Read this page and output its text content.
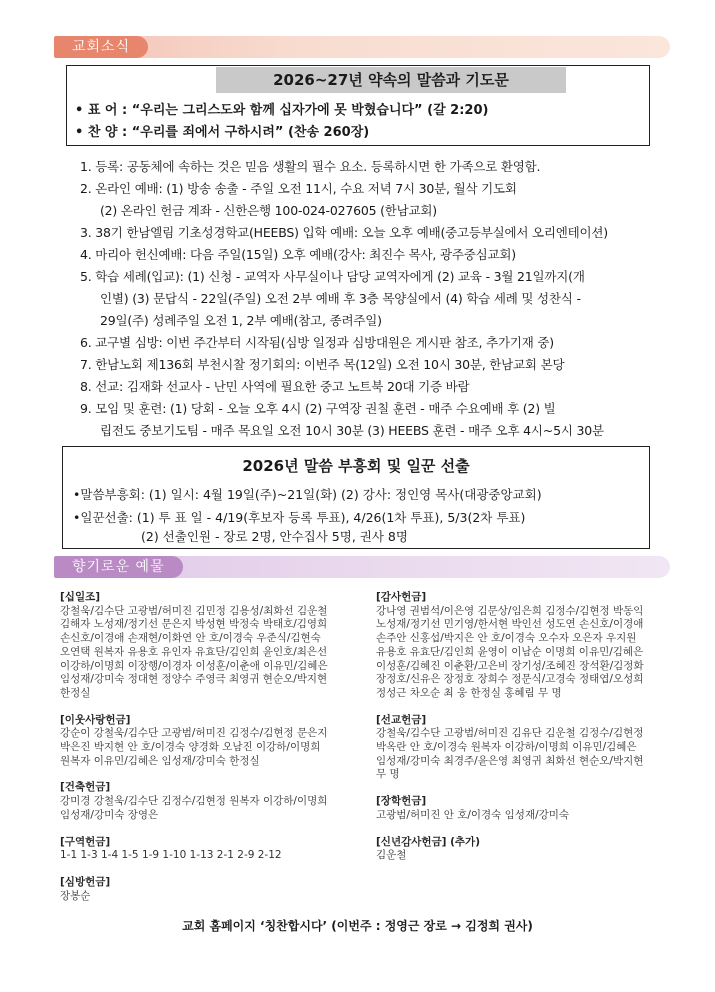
교회소식
2026~27년 약속의 말씀과 기도문
• 표 어 : “우리는 그리스도와 함께 십자가에 못 박혔습니다” (갈 2:20)
• 찬 양 : “우리를 죄에서 구하시려” (찬송 260장)
1. 등록: 공동체에 속하는 것은 믿음 생활의 필수 요소. 등록하시면 한 가족으로 환영함.
2. 온라인 예배: (1) 방송 송출 - 주일 오전 11시, 수요 저녁 7시 30분, 월삭 기도회
(2) 온라인 헌금 계좌 - 신한은행 100-024-027605 (한남교회)
3. 38기 한남엘림 기초성경학교(HEEBS) 입학 예배: 오늘 오후 예배(중고등부실에서 오리엔테이션)
4. 마리아 헌신예배: 다음 주일(15일) 오후 예배(강사: 최진수 목사, 광주중심교회)
5. 학습 세례(입교): (1) 신청 - 교역자 사무실이나 담당 교역자에게 (2) 교육 - 3월 21일까지(개
인별) (3) 문답식 - 22일(주일) 오전 2부 예배 후 3층 목양실에서 (4) 학습 세례 및 성찬식 -
29일(주) 성례주일 오전 1, 2부 예배(참고, 종려주일)
6. 교구별 심방: 이번 주간부터 시작됨(심방 일정과 심방대원은 게시판 참조, 추가기재 중)
7. 한남노회 제136회 부천시찰 정기회의: 이번주 목(12일) 오전 10시 30분, 한남교회 본당
8. 선교: 김재화 선교사 - 난민 사역에 필요한 중고 노트북 20대 기증 바람
9. 모임 및 훈련: (1) 당회 - 오늘 오후 4시 (2) 구역장 권칠 훈련 - 매주 수요예배 후 (2) 빌
립전도 중보기도팀 - 매주 목요일 오전 10시 30분 (3) HEEBS 훈련 - 매주 오후 4시~5시 30분
2026년 말씀 부흥회 및 일꾼 선출
•말씀부흥회: (1) 일시: 4월 19일(주)~21일(화) (2) 강사: 정인영 목사(대광중앙교회)
•일꾼선출: (1) 투 표 일 - 4/19(후보자 등록 투표), 4/26(1차 투표), 5/3(2차 투표)
(2) 선출인원 - 장로 2명, 안수집사 5명, 권사 8명
향기로운 예물
[십일조]
강철욱/김수단 고광범/허미진 김민정 김용성/최화선 김운철
김해자 노성재/정기선 문은지 박성현 박정숙 박태호/김영희
손신호/이경애 손재현/이화연 안 호/이경숙 우준식/김현숙
오연택 원복자 유용호 유인자 유효단/김인희 윤인호/최은선
이강하/이명희 이장행/이경자 이성훈/이춘애 이유민/김혜은
임성재/강미숙 정대현 정양수 주영극 최영귀 현순오/박지현
한정실
[이웃사랑헌금]
강순이 강철욱/김수단 고광범/허미진 김정수/김현정 문은지
박은진 박지현 안 호/이경숙 양경화 오남진 이강하/이명희
원복자 이유민/김혜은 임성재/강미숙 한정실
[건축헌금]
강미경 강철욱/김수단 김정수/김현정 원복자 이강하/이명희
임성재/강미숙 장영은
[구역헌금]
1-1 1-3 1-4 1-5 1-9 1-10 1-13 2-1 2-9 2-12
[심방헌금]
장봉순
[감사헌금]
강나영 권범석/이은영 김문상/임은희 김정수/김현정 박동익
노성재/정기선 민기영/한서현 박인선 성도연 손신호/이경애
손주안 신홍섭/박지은 안 호/이경숙 오수자 오은자 우지원
유용호 유효단/김인희 윤영이 이남순 이명희 이유민/김혜은
이성훈/김혜진 이춘환/고은비 장기성/조혜진 장석환/김정화
장정호/신유은 장정호 장희수 정문식/고경숙 정태엽/오성희
정성근 차오순 최 웅 한정실 홍혜림 무 명
[선교헌금]
강철욱/김수단 고광범/허미진 김유단 김운철 김정수/김현정
박옥란 안 호/이경숙 원복자 이강하/이명희 이유민/김혜은
임성재/강미숙 최경주/윤은영 최영귀 최화선 현순오/박지현
무 명
[장학헌금]
고광범/허미진 안 호/이경숙 임성재/강미숙
[신년감사헌금] (추가)
김운철
교회 홈페이지 ‘칭찬합시다’ (이번주 : 정영근 장로 → 김정희 권사)
